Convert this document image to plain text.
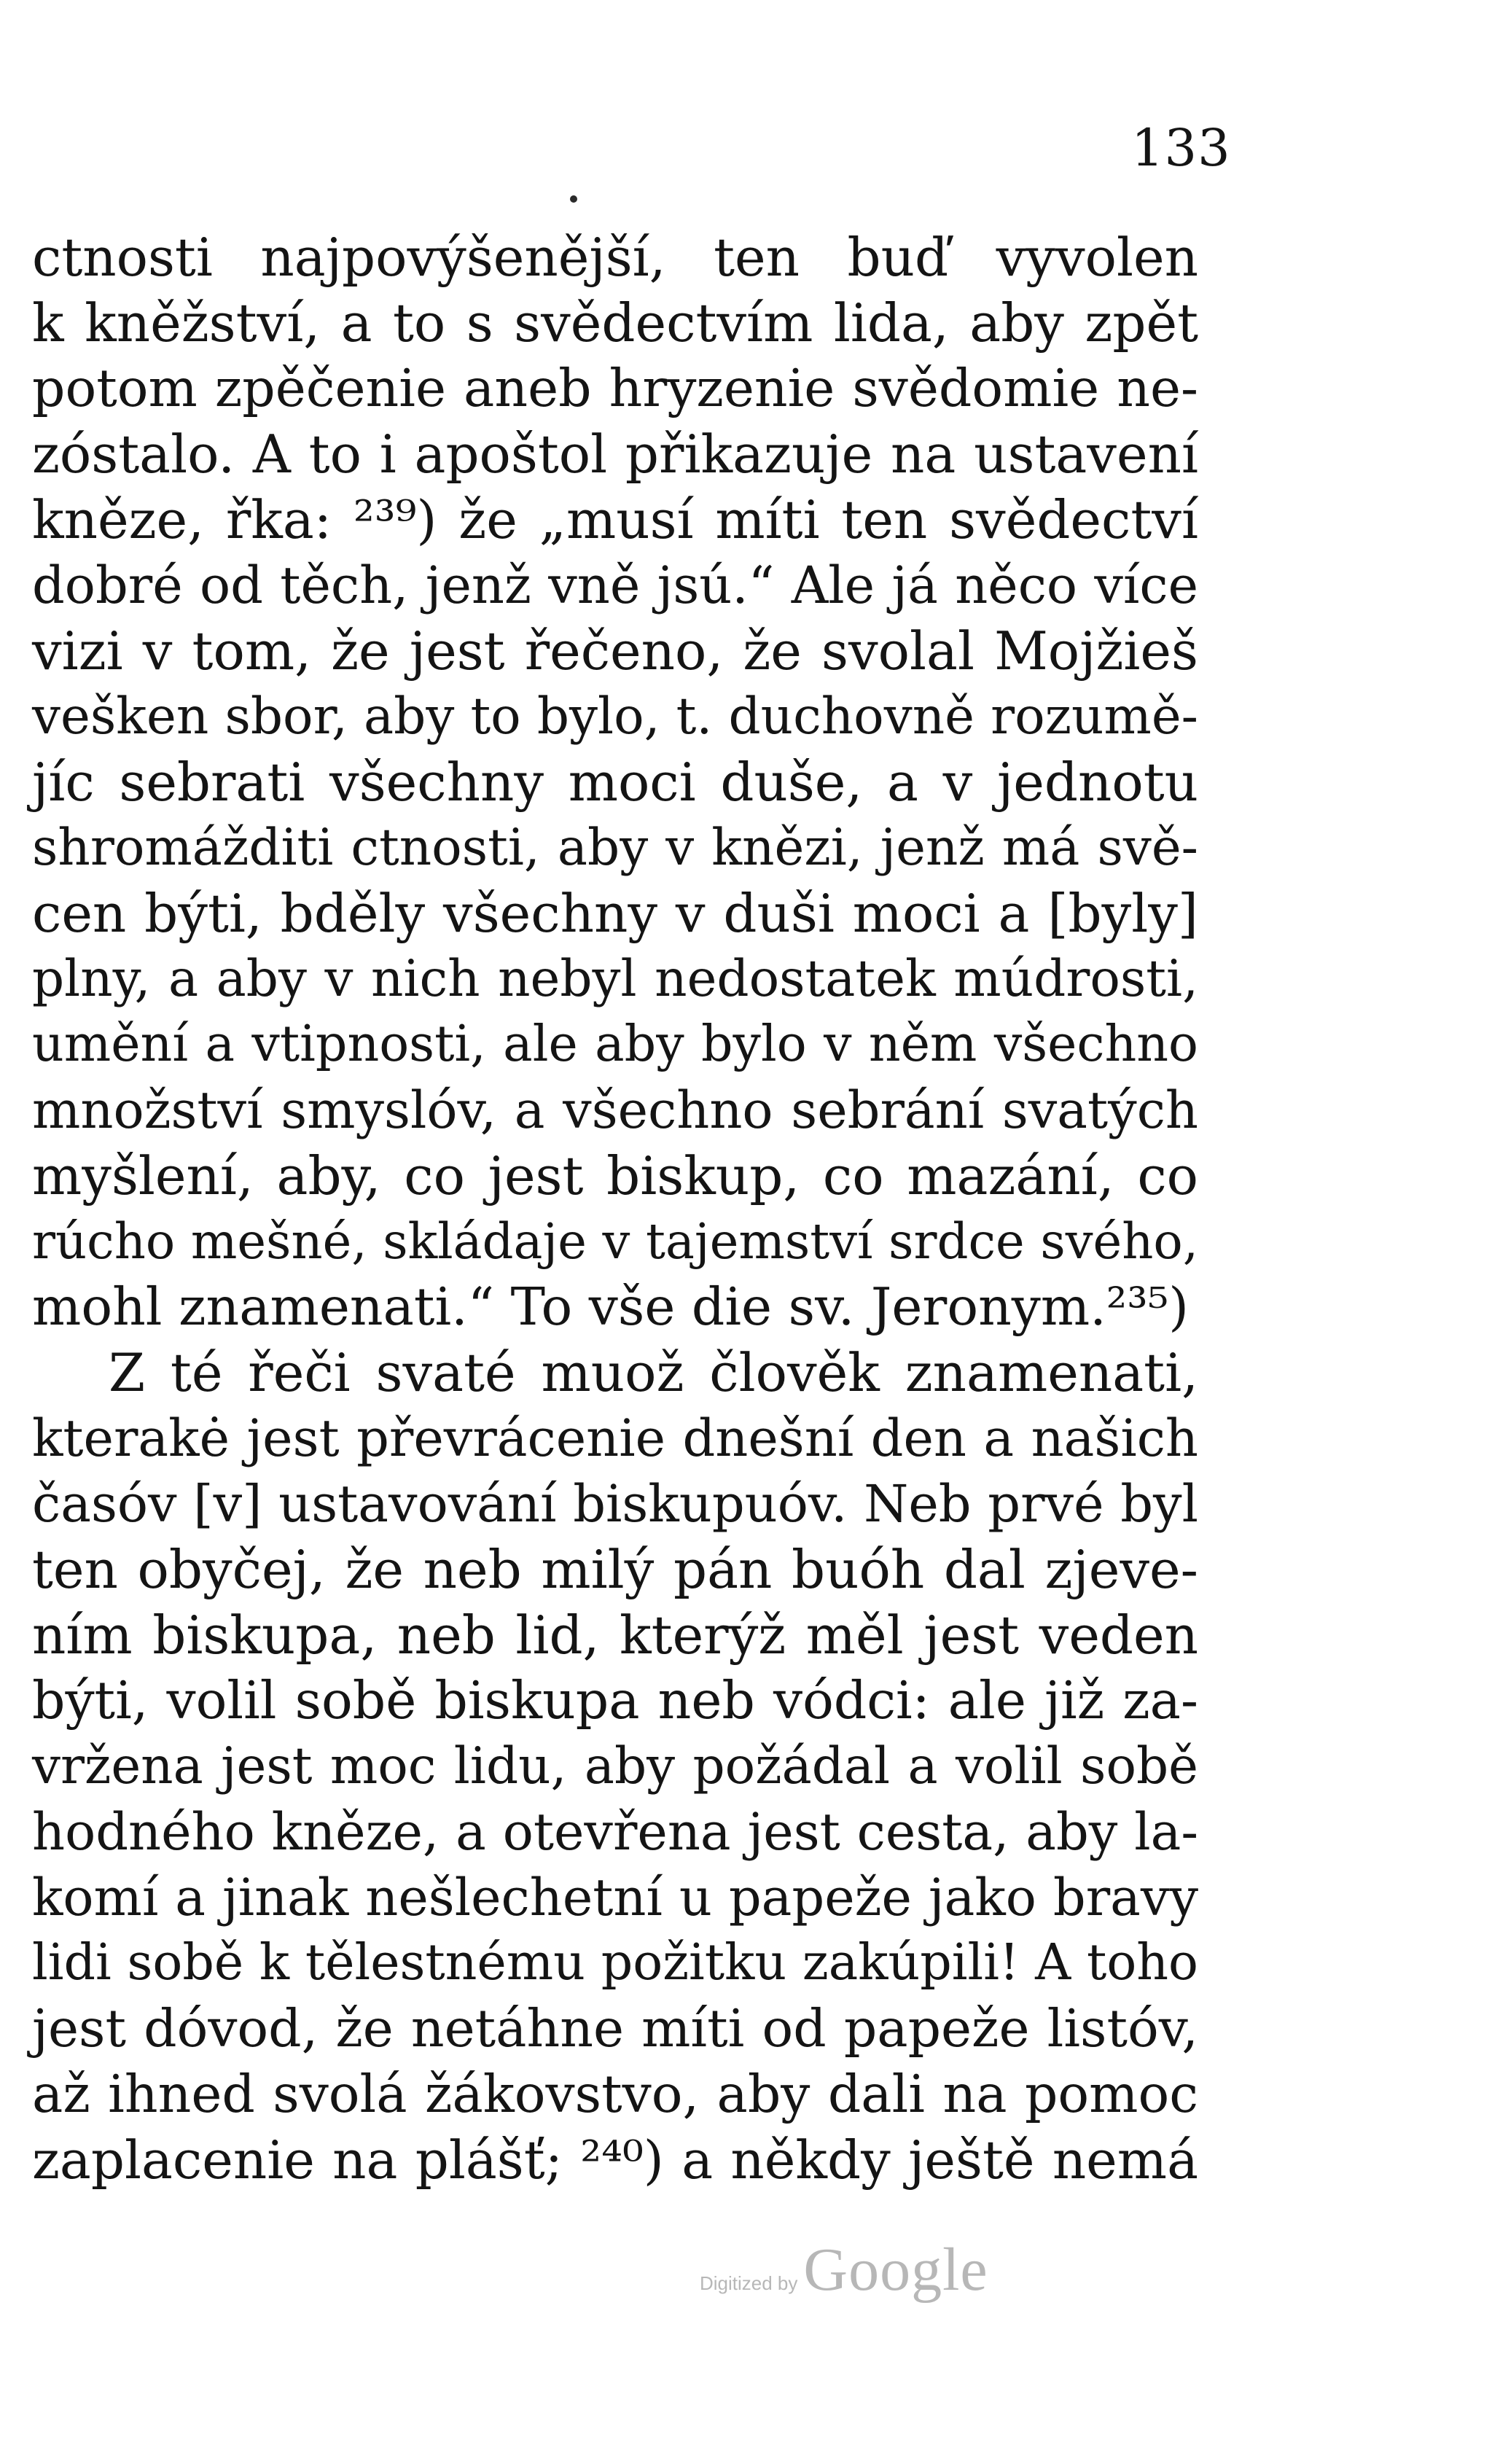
133
ctnosti najpovýšenější, ten buď vyvolen
k kněžství, a to s svědectvím lida, aby zpět
potom zpěčenie aneb hryzenie svědomie ne-
zóstalo. A to i apoštol přikazuje na ustavení
kněze, řka: ²³⁹) že „musí míti ten svědectví
dobré od těch, jenž vně jsú.“ Ale já něco více
vizi v tom, že jest řečeno, že svolal Mojžieš
vešken sbor, aby to bylo, t. duchovně rozumě-
jíc sebrati všechny moci duše, a v jednotu
shromážditi ctnosti, aby v knězi, jenž má svě-
cen býti, bděly všechny v duši moci a [byly]
plny, a aby v nich nebyl nedostatek múdrosti,
umění a vtipnosti, ale aby bylo v něm všechno
množství smyslóv, a všechno sebrání svatých
myšlení, aby, co jest biskup, co mazání, co
rúcho mešné, skládaje v tajemství srdce svého,
mohl znamenati.“ To vše die sv. Jeronym.²³⁵)
Z té řeči svaté muož člověk znamenati,
kterakė jest převrácenie dnešní den a našich
časóv [v] ustavování biskupuóv. Neb prvé byl
ten obyčej, že neb milý pán buóh dal zjeve-
ním biskupa, neb lid, kterýž měl jest veden
býti, volil sobě biskupa neb vódci: ale již za-
vržena jest moc lidu, aby požádal a volil sobě
hodného kněze, a otevřena jest cesta, aby la-
komí a jinak nešlechetní u papeže jako bravy
lidi sobě k tělestnému požitku zakúpili! A toho
jest dóvod, že netáhne míti od papeže listóv,
až ihned svolá žákovstvo, aby dali na pomoc
zaplacenie na plášť; ²⁴⁰) a někdy ještě nemá
Digitized by Google
